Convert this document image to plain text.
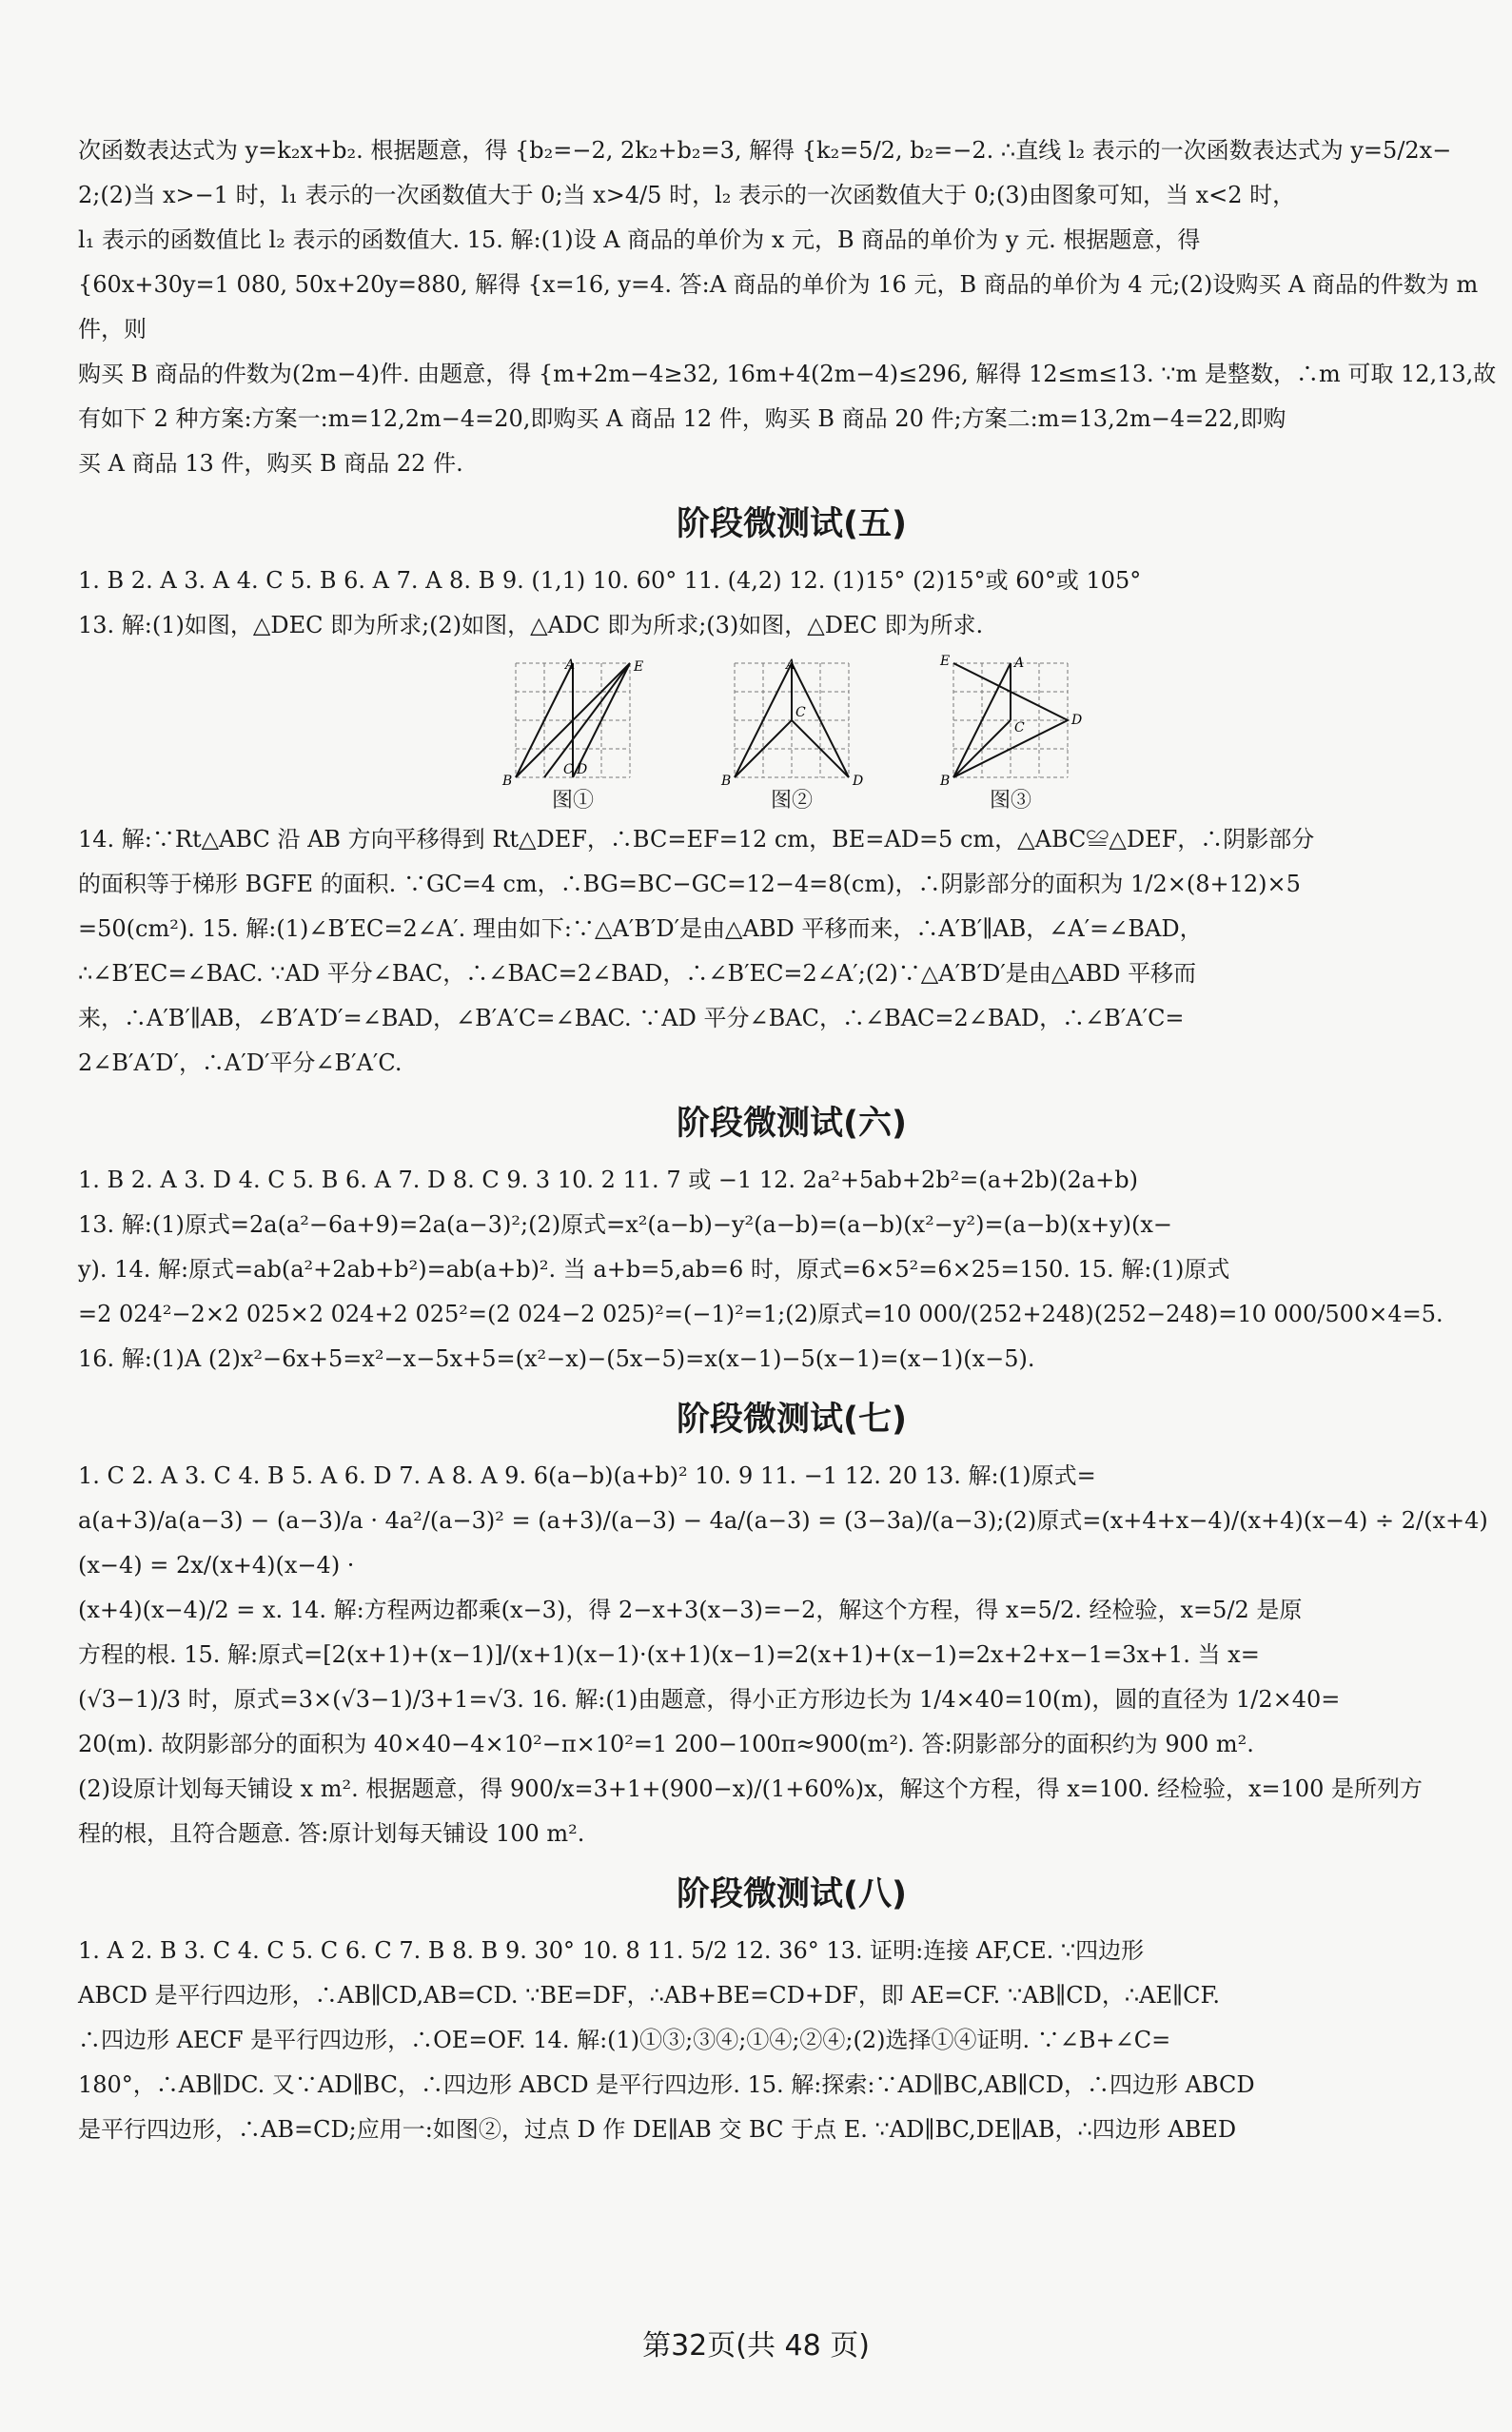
次函数表达式为 y=k₂x+b₂. 根据题意，得 {b₂=−2, 2k₂+b₂=3, 解得 {k₂=5/2, b₂=−2. ∴直线 l₂ 表示的一次函数表达式为 y=5/2x−

2;(2)当 x>−1 时，l₁ 表示的一次函数值大于 0;当 x>4/5 时，l₂ 表示的一次函数值大于 0;(3)由图象可知，当 x<2 时，

l₁ 表示的函数值比 l₂ 表示的函数值大. 15. 解:(1)设 A 商品的单价为 x 元，B 商品的单价为 y 元. 根据题意，得

{60x+30y=1 080, 50x+20y=880, 解得 {x=16, y=4. 答:A 商品的单价为 16 元，B 商品的单价为 4 元;(2)设购买 A 商品的件数为 m 件，则

购买 B 商品的件数为(2m−4)件. 由题意，得 {m+2m−4≥32, 16m+4(2m−4)≤296, 解得 12≤m≤13. ∵m 是整数，∴m 可取 12,13,故

有如下 2 种方案:方案一:m=12,2m−4=20,即购买 A 商品 12 件，购买 B 商品 20 件;方案二:m=13,2m−4=22,即购

买 A 商品 13 件，购买 B 商品 22 件.

阶段微测试(五)

1. B 2. A 3. A 4. C 5. B 6. A 7. A 8. B 9. (1,1) 10. 60° 11. (4,2) 12. (1)15° (2)15°或 60°或 105°

13. 解:(1)如图，△DEC 即为所求;(2)如图，△ADC 即为所求;(3)如图，△DEC 即为所求.

A	E
B
C D
图①
A
B
C
D
图②
E	A
B
C	D
图③

14. 解:∵Rt△ABC 沿 AB 方向平移得到 Rt△DEF，∴BC=EF=12 cm，BE=AD=5 cm，△ABC≌△DEF，∴阴影部分

的面积等于梯形 BGFE 的面积. ∵GC=4 cm，∴BG=BC−GC=12−4=8(cm)，∴阴影部分的面积为 1/2×(8+12)×5

=50(cm²). 15. 解:(1)∠B′EC=2∠A′. 理由如下:∵△A′B′D′是由△ABD 平移而来，∴A′B′∥AB，∠A′=∠BAD，

∴∠B′EC=∠BAC. ∵AD 平分∠BAC，∴∠BAC=2∠BAD，∴∠B′EC=2∠A′;(2)∵△A′B′D′是由△ABD 平移而

来，∴A′B′∥AB，∠B′A′D′=∠BAD，∠B′A′C=∠BAC. ∵AD 平分∠BAC，∴∠BAC=2∠BAD，∴∠B′A′C=

2∠B′A′D′，∴A′D′平分∠B′A′C.

阶段微测试(六)

1. B 2. A 3. D 4. C 5. B 6. A 7. D 8. C 9. 3 10. 2 11. 7 或 −1 12. 2a²+5ab+2b²=(a+2b)(2a+b)

13. 解:(1)原式=2a(a²−6a+9)=2a(a−3)²;(2)原式=x²(a−b)−y²(a−b)=(a−b)(x²−y²)=(a−b)(x+y)(x−

y). 14. 解:原式=ab(a²+2ab+b²)=ab(a+b)². 当 a+b=5,ab=6 时，原式=6×5²=6×25=150. 15. 解:(1)原式

=2 024²−2×2 025×2 024+2 025²=(2 024−2 025)²=(−1)²=1;(2)原式=10 000/(252+248)(252−248)=10 000/500×4=5.

16. 解:(1)A (2)x²−6x+5=x²−x−5x+5=(x²−x)−(5x−5)=x(x−1)−5(x−1)=(x−1)(x−5).

阶段微测试(七)

1. C 2. A 3. C 4. B 5. A 6. D 7. A 8. A 9. 6(a−b)(a+b)² 10. 9 11. −1 12. 20 13. 解:(1)原式=

a(a+3)/a(a−3) − (a−3)/a · 4a²/(a−3)² = (a+3)/(a−3) − 4a/(a−3) = (3−3a)/(a−3);(2)原式=(x+4+x−4)/(x+4)(x−4) ÷ 2/(x+4)(x−4) = 2x/(x+4)(x−4) ·

(x+4)(x−4)/2 = x. 14. 解:方程两边都乘(x−3)，得 2−x+3(x−3)=−2，解这个方程，得 x=5/2. 经检验，x=5/2 是原

方程的根. 15. 解:原式=[2(x+1)+(x−1)]/(x+1)(x−1)·(x+1)(x−1)=2(x+1)+(x−1)=2x+2+x−1=3x+1. 当 x=

(√3−1)/3 时，原式=3×(√3−1)/3+1=√3. 16. 解:(1)由题意，得小正方形边长为 1/4×40=10(m)，圆的直径为 1/2×40=

20(m). 故阴影部分的面积为 40×40−4×10²−π×10²=1 200−100π≈900(m²). 答:阴影部分的面积约为 900 m².

(2)设原计划每天铺设 x m². 根据题意，得 900/x=3+1+(900−x)/(1+60%)x，解这个方程，得 x=100. 经检验，x=100 是所列方

程的根，且符合题意. 答:原计划每天铺设 100 m².

阶段微测试(八)

1. A 2. B 3. C 4. C 5. C 6. C 7. B 8. B 9. 30° 10. 8 11. 5/2 12. 36° 13. 证明:连接 AF,CE. ∵四边形

ABCD 是平行四边形，∴AB∥CD,AB=CD. ∵BE=DF，∴AB+BE=CD+DF，即 AE=CF. ∵AB∥CD，∴AE∥CF.

∴四边形 AECF 是平行四边形，∴OE=OF. 14. 解:(1)①③;③④;①④;②④;(2)选择①④证明. ∵∠B+∠C=

180°，∴AB∥DC. 又∵AD∥BC，∴四边形 ABCD 是平行四边形. 15. 解:探索:∵AD∥BC,AB∥CD，∴四边形 ABCD

是平行四边形，∴AB=CD;应用一:如图②，过点 D 作 DE∥AB 交 BC 于点 E. ∵AD∥BC,DE∥AB，∴四边形 ABED

第32页(共 48 页)
